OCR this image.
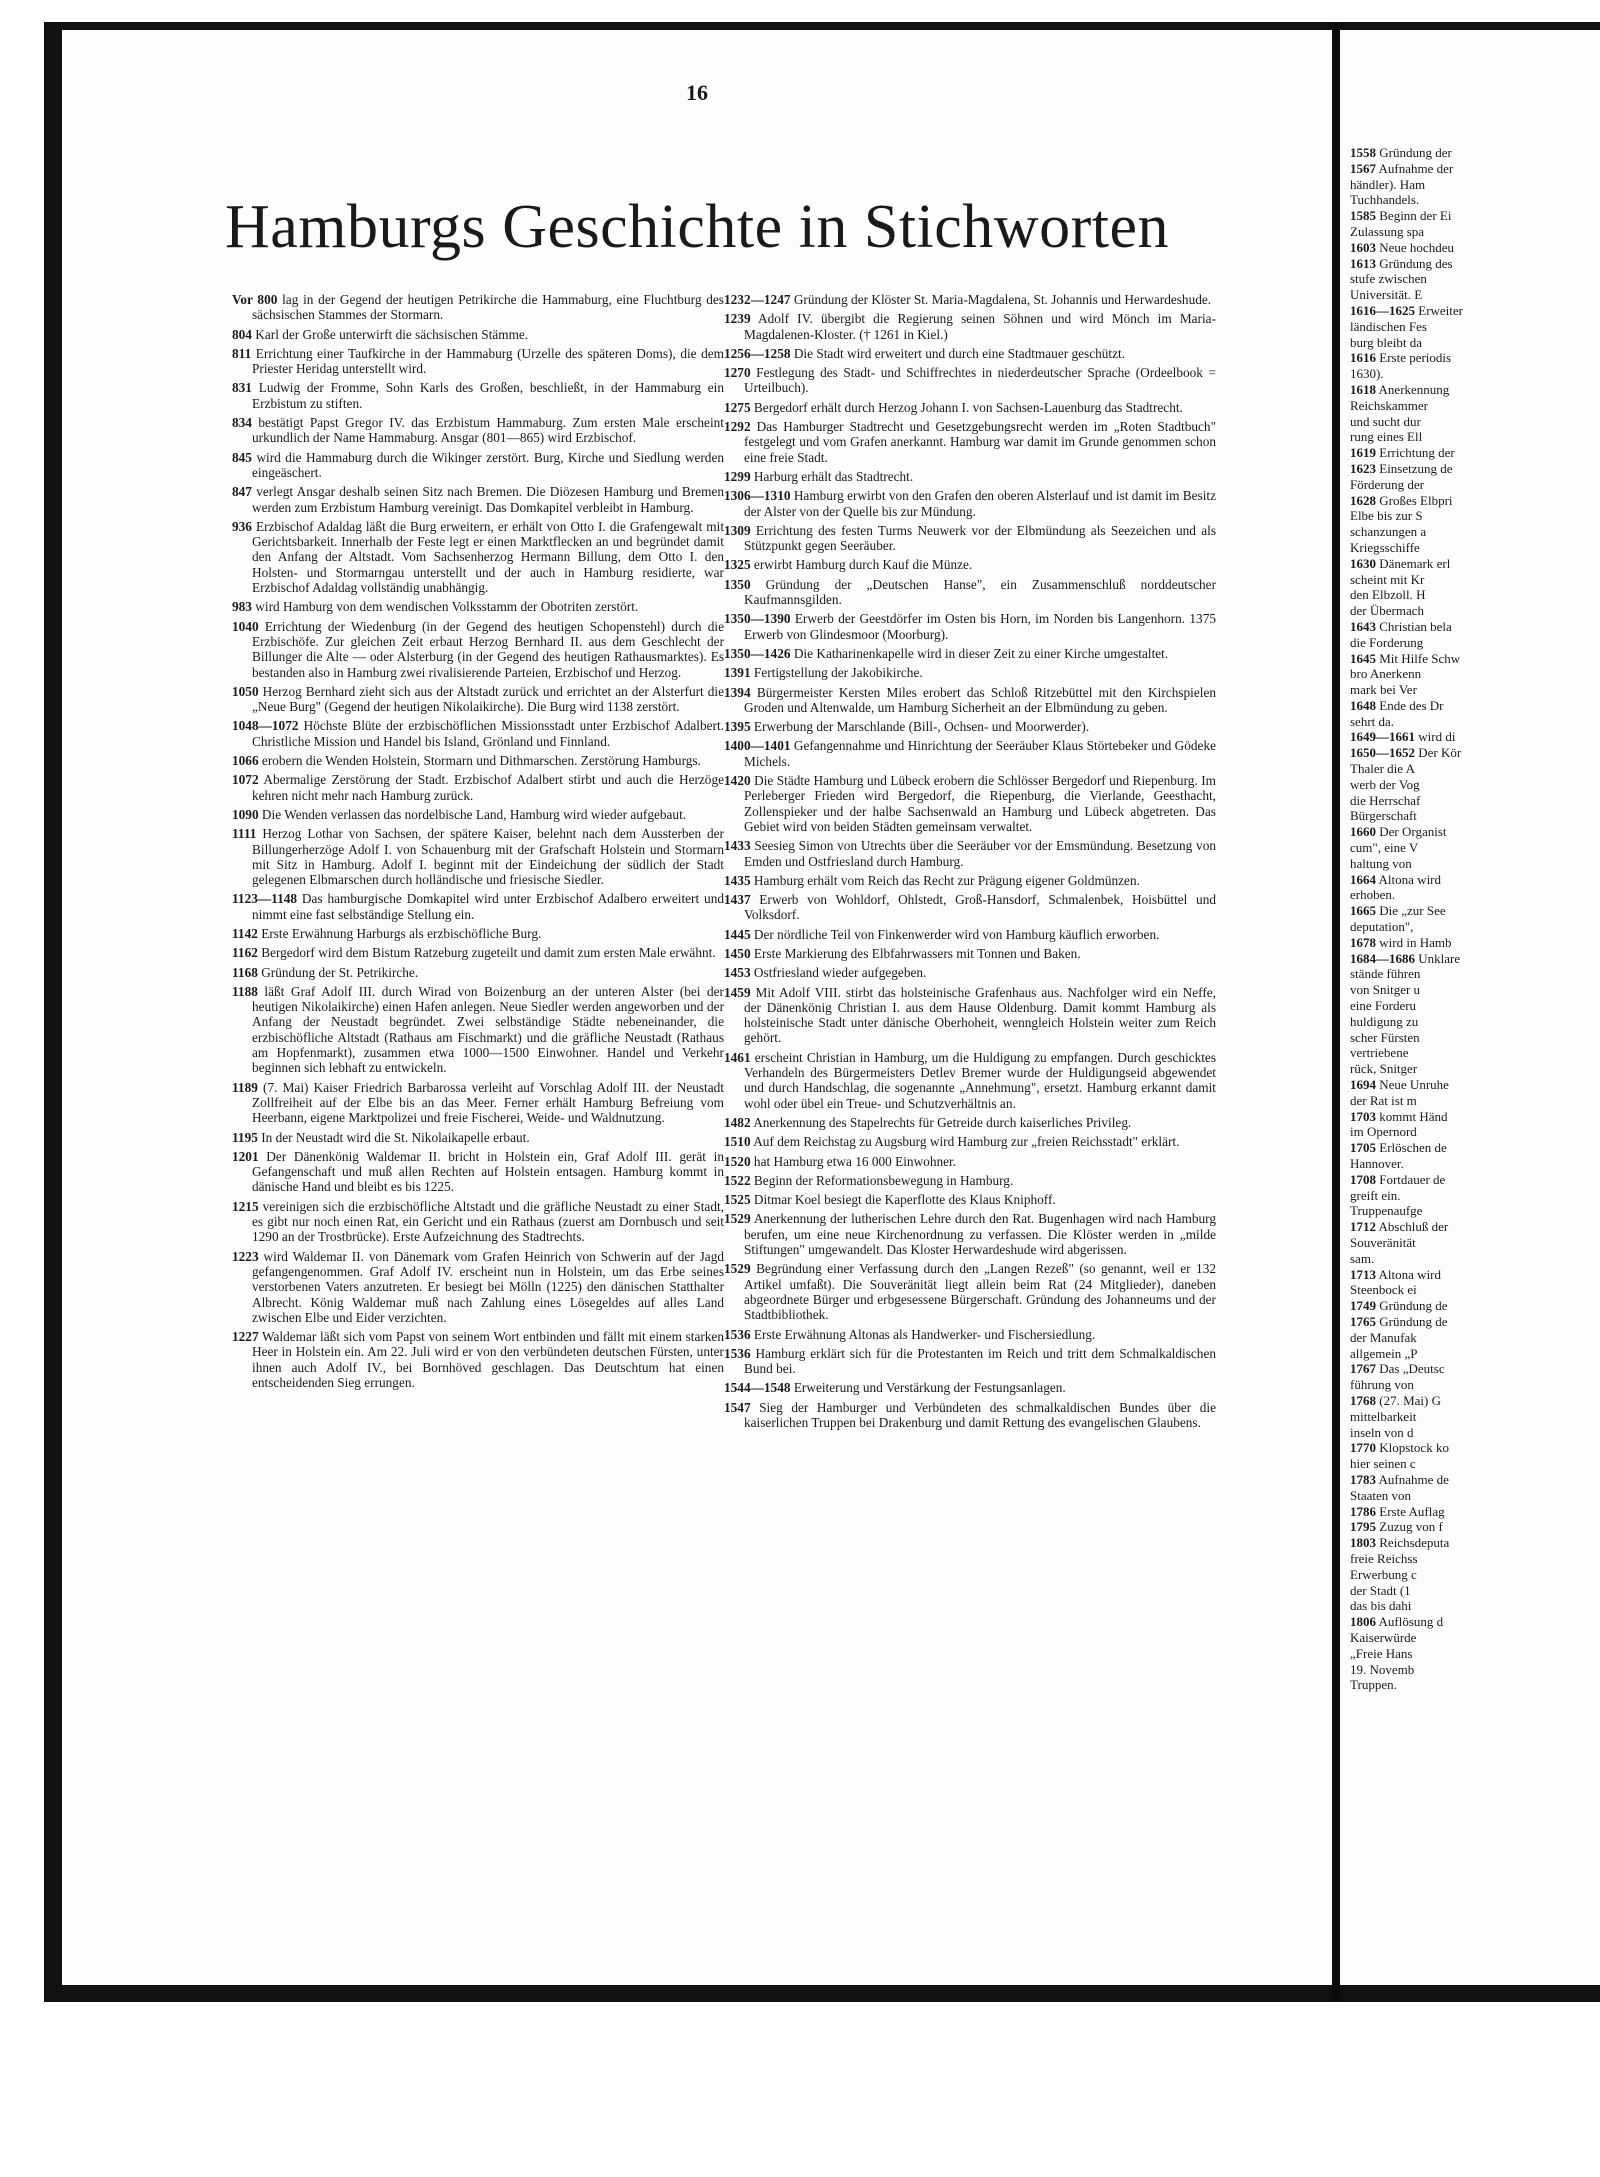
16
Hamburgs Geschichte in Stichworten
Vor 800 lag in der Gegend der heutigen Petrikirche die Hammaburg, eine Fluchtburg des sächsischen Stammes der Stormarn.
804 Karl der Große unterwirft die sächsischen Stämme.
811 Errichtung einer Taufkirche in der Hammaburg (Urzelle des späteren Doms), die dem Priester Heridag unterstellt wird.
831 Ludwig der Fromme, Sohn Karls des Großen, beschließt, in der Hammaburg ein Erzbistum zu stiften.
834 bestätigt Papst Gregor IV. das Erzbistum Hammaburg. Zum ersten Male erscheint urkundlich der Name Hammaburg. Ansgar (801—865) wird Erzbischof.
845 wird die Hammaburg durch die Wikinger zerstört. Burg, Kirche und Siedlung werden eingeäschert.
847 verlegt Ansgar deshalb seinen Sitz nach Bremen. Die Diözesen Hamburg und Bremen werden zum Erzbistum Hamburg vereinigt. Das Domkapitel verbleibt in Hamburg.
936 Erzbischof Adaldag läßt die Burg erweitern, er erhält von Otto I. die Grafengewalt mit Gerichtsbarkeit. Innerhalb der Feste legt er einen Marktflecken an und begründet damit den Anfang der Altstadt. Vom Sachsenherzog Hermann Billung, dem Otto I. den Holsten- und Stormarngau unterstellt und der auch in Hamburg residierte, war Erzbischof Adaldag vollständig unabhängig.
983 wird Hamburg von dem wendischen Volksstamm der Obotriten zerstört.
1040 Errichtung der Wiedenburg (in der Gegend des heutigen Schopenstehl) durch die Erzbischöfe. Zur gleichen Zeit erbaut Herzog Bernhard II. aus dem Geschlecht der Billunger die Alte — oder Alsterburg (in der Gegend des heutigen Rathausmarktes). Es bestanden also in Hamburg zwei rivalisierende Parteien, Erzbischof und Herzog.
1050 Herzog Bernhard zieht sich aus der Altstadt zurück und errichtet an der Alsterfurt die „Neue Burg" (Gegend der heutigen Nikolaikirche). Die Burg wird 1138 zerstört.
1048—1072 Höchste Blüte der erzbischöflichen Missionsstadt unter Erzbischof Adalbert. Christliche Mission und Handel bis Island, Grönland und Finnland.
1066 erobern die Wenden Holstein, Stormarn und Dithmarschen. Zerstörung Hamburgs.
1072 Abermalige Zerstörung der Stadt. Erzbischof Adalbert stirbt und auch die Herzöge kehren nicht mehr nach Hamburg zurück.
1090 Die Wenden verlassen das nordelbische Land, Hamburg wird wieder aufgebaut.
1111 Herzog Lothar von Sachsen, der spätere Kaiser, belehnt nach dem Aussterben der Billungerherzöge Adolf I. von Schauenburg mit der Grafschaft Holstein und Stormarn mit Sitz in Hamburg. Adolf I. beginnt mit der Eindeichung der südlich der Stadt gelegenen Elbmarschen durch holländische und friesische Siedler.
1123—1148 Das hamburgische Domkapitel wird unter Erzbischof Adalbero erweitert und nimmt eine fast selbständige Stellung ein.
1142 Erste Erwähnung Harburgs als erzbischöfliche Burg.
1162 Bergedorf wird dem Bistum Ratzeburg zugeteilt und damit zum ersten Male erwähnt.
1168 Gründung der St. Petrikirche.
1188 läßt Graf Adolf III. durch Wirad von Boizenburg an der unteren Alster (bei der heutigen Nikolaikirche) einen Hafen anlegen. Neue Siedler werden angeworben und der Anfang der Neustadt begründet. Zwei selbständige Städte nebeneinander, die erzbischöfliche Altstadt (Rathaus am Fischmarkt) und die gräfliche Neustadt (Rathaus am Hopfenmarkt), zusammen etwa 1000—1500 Einwohner. Handel und Verkehr beginnen sich lebhaft zu entwickeln.
1189 (7. Mai) Kaiser Friedrich Barbarossa verleiht auf Vorschlag Adolf III. der Neustadt Zollfreiheit auf der Elbe bis an das Meer. Ferner erhält Hamburg Befreiung vom Heerbann, eigene Marktpolizei und freie Fischerei, Weide- und Waldnutzung.
1195 In der Neustadt wird die St. Nikolaikapelle erbaut.
1201 Der Dänenkönig Waldemar II. bricht in Holstein ein, Graf Adolf III. gerät in Gefangenschaft und muß allen Rechten auf Holstein entsagen. Hamburg kommt in dänische Hand und bleibt es bis 1225.
1215 vereinigen sich die erzbischöfliche Altstadt und die gräfliche Neustadt zu einer Stadt, es gibt nur noch einen Rat, ein Gericht und ein Rathaus (zuerst am Dornbusch und seit 1290 an der Trostbrücke). Erste Aufzeichnung des Stadtrechts.
1223 wird Waldemar II. von Dänemark vom Grafen Heinrich von Schwerin auf der Jagd gefangengenommen. Graf Adolf IV. erscheint nun in Holstein, um das Erbe seines verstorbenen Vaters anzutreten. Er besiegt bei Mölln (1225) den dänischen Statthalter Albrecht. König Waldemar muß nach Zahlung eines Lösegeldes auf alles Land zwischen Elbe und Eider verzichten.
1227 Waldemar läßt sich vom Papst von seinem Wort entbinden und fällt mit einem starken Heer in Holstein ein. Am 22. Juli wird er von den verbündeten deutschen Fürsten, unter ihnen auch Adolf IV., bei Bornhöved geschlagen. Das Deutschtum hat einen entscheidenden Sieg errungen.
1232—1247 Gründung der Klöster St. Maria-Magdalena, St. Johannis und Herwardeshude.
1239 Adolf IV. übergibt die Regierung seinen Söhnen und wird Mönch im Maria-Magdalenen-Kloster. († 1261 in Kiel.)
1256—1258 Die Stadt wird erweitert und durch eine Stadtmauer geschützt.
1270 Festlegung des Stadt- und Schiffrechtes in niederdeutscher Sprache (Ordeelbook = Urteilbuch).
1275 Bergedorf erhält durch Herzog Johann I. von Sachsen-Lauenburg das Stadtrecht.
1292 Das Hamburger Stadtrecht und Gesetzgebungsrecht werden im „Roten Stadtbuch" festgelegt und vom Grafen anerkannt. Hamburg war damit im Grunde genommen schon eine freie Stadt.
1299 Harburg erhält das Stadtrecht.
1306—1310 Hamburg erwirbt von den Grafen den oberen Alsterlauf und ist damit im Besitz der Alster von der Quelle bis zur Mündung.
1309 Errichtung des festen Turms Neuwerk vor der Elbmündung als Seezeichen und als Stützpunkt gegen Seeräuber.
1325 erwirbt Hamburg durch Kauf die Münze.
1350 Gründung der „Deutschen Hanse", ein Zusammenschluß norddeutscher Kaufmannsgilden.
1350—1390 Erwerb der Geestdörfer im Osten bis Horn, im Norden bis Langenhorn. 1375 Erwerb von Glindesmoor (Moorburg).
1350—1426 Die Katharinenkapelle wird in dieser Zeit zu einer Kirche umgestaltet.
1391 Fertigstellung der Jakobikirche.
1394 Bürgermeister Kersten Miles erobert das Schloß Ritzebüttel mit den Kirchspielen Groden und Altenwalde, um Hamburg Sicherheit an der Elbmündung zu geben.
1395 Erwerbung der Marschlande (Bill-, Ochsen- und Moorwerder).
1400—1401 Gefangennahme und Hinrichtung der Seeräuber Klaus Störtebeker und Gödeke Michels.
1420 Die Städte Hamburg und Lübeck erobern die Schlösser Bergedorf und Riepenburg. Im Perleberger Frieden wird Bergedorf, die Riepenburg, die Vierlande, Geesthacht, Zollenspieker und der halbe Sachsenwald an Hamburg und Lübeck abgetreten. Das Gebiet wird von beiden Städten gemeinsam verwaltet.
1433 Seesieg Simon von Utrechts über die Seeräuber vor der Emsmündung. Besetzung von Emden und Ostfriesland durch Hamburg.
1435 Hamburg erhält vom Reich das Recht zur Prägung eigener Goldmünzen.
1437 Erwerb von Wohldorf, Ohlstedt, Groß-Hansdorf, Schmalenbek, Hoisbüttel und Volksdorf.
1445 Der nördliche Teil von Finkenwerder wird von Hamburg käuflich erworben.
1450 Erste Markierung des Elbfahrwassers mit Tonnen und Baken.
1453 Ostfriesland wieder aufgegeben.
1459 Mit Adolf VIII. stirbt das holsteinische Grafenhaus aus. Nachfolger wird ein Neffe, der Dänenkönig Christian I. aus dem Hause Oldenburg. Damit kommt Hamburg als holsteinische Stadt unter dänische Oberhoheit, wenngleich Holstein weiter zum Reich gehört.
1461 erscheint Christian in Hamburg, um die Huldigung zu empfangen. Durch geschicktes Verhandeln des Bürgermeisters Detlev Bremer wurde der Huldigungseid abgewendet und durch Handschlag, die sogenannte „Annehmung", ersetzt. Hamburg erkannt damit wohl oder übel ein Treue- und Schutzverhältnis an.
1482 Anerkennung des Stapelrechts für Getreide durch kaiserliches Privileg.
1510 Auf dem Reichstag zu Augsburg wird Hamburg zur „freien Reichsstadt" erklärt.
1520 hat Hamburg etwa 16 000 Einwohner.
1522 Beginn der Reformationsbewegung in Hamburg.
1525 Ditmar Koel besiegt die Kaperflotte des Klaus Kniphoff.
1529 Anerkennung der lutherischen Lehre durch den Rat. Bugenhagen wird nach Hamburg berufen, um eine neue Kirchenordnung zu verfassen. Die Klöster werden in „milde Stiftungen" umgewandelt. Das Kloster Herwardeshude wird abgerissen.
1529 Begründung einer Verfassung durch den „Langen Rezeß" (so genannt, weil er 132 Artikel umfaßt). Die Souveränität liegt allein beim Rat (24 Mitglieder), daneben abgeordnete Bürger und erbgesessene Bürgerschaft. Gründung des Johanneums und der Stadtbibliothek.
1536 Erste Erwähnung Altonas als Handwerker- und Fischersiedlung.
1536 Hamburg erklärt sich für die Protestanten im Reich und tritt dem Schmalkaldischen Bund bei.
1544—1548 Erweiterung und Verstärkung der Festungsanlagen.
1547 Sieg der Hamburger und Verbündeten des schmalkaldischen Bundes über die kaiserlichen Truppen bei Drakenburg und damit Rettung des evangelischen Glaubens.
1558 Gründung der
1567 Aufnahme der
händler). Ham
Tuchhandels.
1585 Beginn der Ei
Zulassung spa
1603 Neue hochdeu
1613 Gründung des
stufe zwischen
Universität. E
1616—1625 Erweiter
ländischen Fes
burg bleibt da
1616 Erste periodis
1630).
1618 Anerkennung
Reichskammer
und sucht dur
rung eines Ell
1619 Errichtung der
1623 Einsetzung de
Förderung der
1628 Großes Elbpri
Elbe bis zur S
schanzungen a
Kriegsschiffe
1630 Dänemark erl
scheint mit Kr
den Elbzoll. H
der Übermach
1643 Christian bela
die Forderung
1645 Mit Hilfe Schw
bro Anerkenn
mark bei Ver
1648 Ende des Dr
sehrt da.
1649—1661 wird di
1650—1652 Der Kör
Thaler die A
werb der Vog
die Herrschaf
Bürgerschaft
1660 Der Organist
cum", eine V
haltung von
1664 Altona wird
erhoben.
1665 Die „zur See
deputation",
1678 wird in Hamb
1684—1686 Unklare
stände führen
von Snitger u
eine Forderu
huldigung zu
scher Fürsten
vertriebene
rück, Snitger
1694 Neue Unruhe
der Rat ist m
1703 kommt Händ
im Opernord
1705 Erlöschen de
Hannover.
1708 Fortdauer de
greift ein.
Truppenaufge
1712 Abschluß der
Souveränität
sam.
1713 Altona wird
Steenbock ei
1749 Gründung de
1765 Gründung de
der Manufak
allgemein „P
1767 Das „Deutsc
führung von
1768 (27. Mai) G
mittelbarkeit
inseln von d
1770 Klopstock ko
hier seinen c
1783 Aufnahme de
Staaten von
1786 Erste Auflag
1795 Zuzug von f
1803 Reichsdeputa
freie Reichss
Erwerbung c
der Stadt (1
das bis dahi
1806 Auflösung d
Kaiserwürde
„Freie Hans
19. Novemb
Truppen.
